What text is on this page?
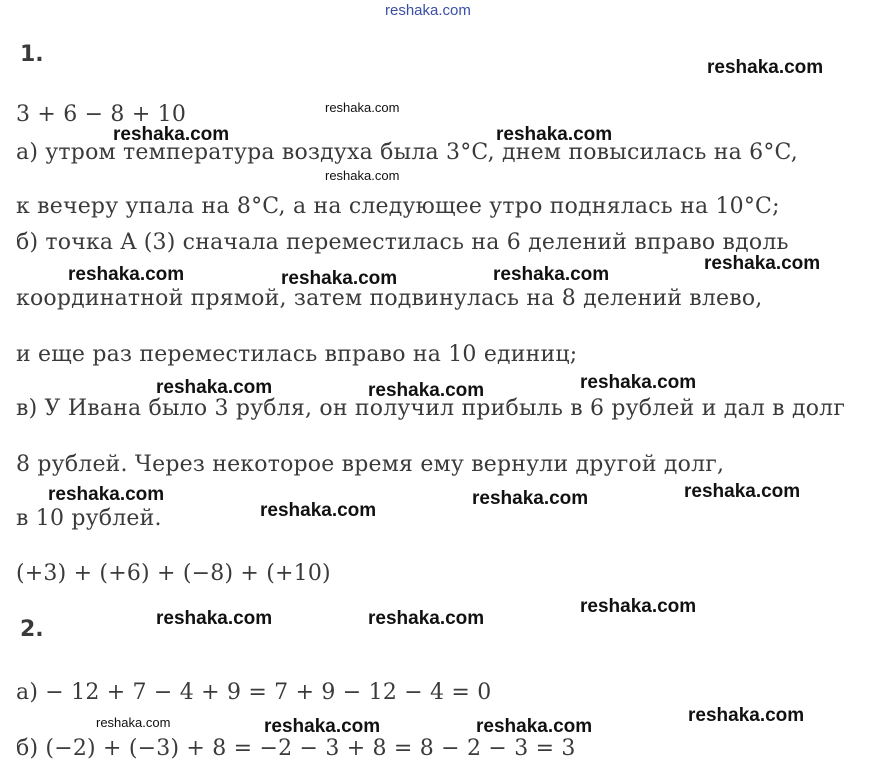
reshaka.com
1.
3 + 6 − 8 + 10
а) утром температура воздуха была 3°C, днем повысилась на 6°C,
к вечеру упала на 8°C, а на следующее утро поднялась на 10°C;
б) точка A (3) сначала переместилась на 6 делений вправо вдоль
координатной прямой, затем подвинулась на 8 делений влево,
и еще раз переместилась вправо на 10 единиц;
в) У Ивана было 3 рубля, он получил прибыль в 6 рублей и дал в долг
8 рублей. Через некоторое время ему вернули другой долг,
в 10 рублей.
(+3) + (+6) + (−8) + (+10)
2.
а) − 12 + 7 − 4 + 9 = 7 + 9 − 12 − 4 = 0
б) (−2) + (−3) + 8 = −2 − 3 + 8 = 8 − 2 − 3 = 3
reshaka.com
reshaka.com
reshaka.com	reshaka.com
reshaka.com
reshaka.com
reshaka.com	reshaka.com	reshaka.com
reshaka.com
reshaka.com	reshaka.com
reshaka.com
reshaka.com	reshaka.com
reshaka.com
reshaka.com
reshaka.com	reshaka.com
reshaka.com
reshaka.com	reshaka.com	reshaka.com
